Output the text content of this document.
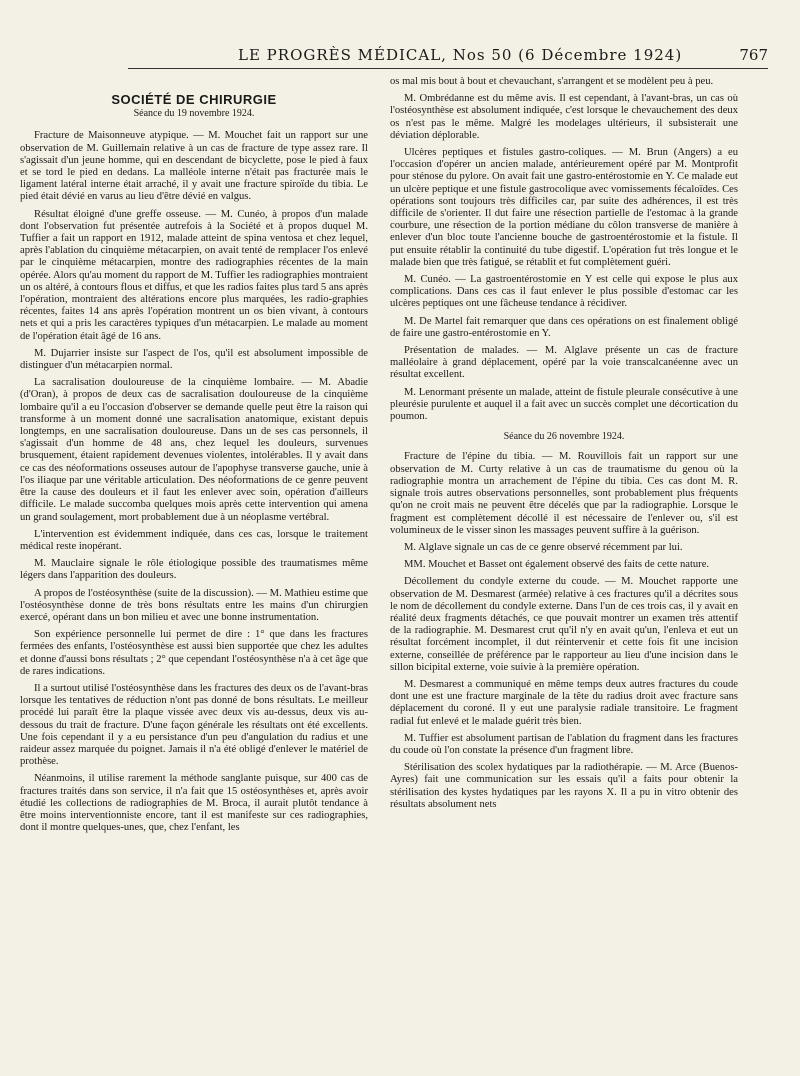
LE PROGRÈS MÉDICAL, Nos 50 (6 Décembre 1924)	767
SOCIÉTÉ DE CHIRURGIE
Séance du 19 novembre 1924.

Fracture de Maisonneuve atypique. — M. Mouchet fait un rapport sur une observation de M. Guillemain relative à un cas de fracture de type assez rare. Il s'agissait d'un jeune homme, qui en descendant de bicyclette, pose le pied à faux et se tord le pied en dedans. La malléole interne n'était pas fracturée mais le ligament latéral interne était arraché, il y avait une fracture spiroïde du tibia. Le pied était dévié en varus au lieu d'être dévié en valgus.

Résultat éloigné d'une greffe osseuse. — M. Cunéo, à propos d'un malade dont l'observation fut présentée autrefois à la Société et à propos duquel M. Tuffier a fait un rapport en 1912, malade atteint de spina ventosa et chez lequel, après l'ablation du cinquième métacarpien, on avait tenté de remplacer l'os enlevé par le cinquième métacarpien, montre des radiographies récentes de la main opérée. Alors qu'au moment du rapport de M. Tuffier les radiographies montraient un os altéré, à contours flous et diffus, et que les radios faites plus tard 5 ans après l'opération, montraient des altérations encore plus marquées, les radio-graphies récentes, faites 14 ans après l'opération montrent un os bien vivant, à contours nets et qui a pris les caractères typiques d'un métacarpien. Le malade au moment de l'opération était âgé de 16 ans.

M. Dujarrier insiste sur l'aspect de l'os, qu'il est absolument impossible de distinguer d'un métacarpien normal.

La sacralisation douloureuse de la cinquième lombaire. — M. Abadie (d'Oran), à propos de deux cas de sacralisation douloureuse de la cinquième lombaire qu'il a eu l'occasion d'observer se demande quelle peut être la raison qui transforme à un moment donné une sacralisation anatomique, existant depuis longtemps, en une sacralisation douloureuse. Dans un de ses cas personnels, il s'agissait d'un homme de 48 ans, chez lequel les douleurs, survenues brusquement, étaient rapidement devenues violentes, intolérables. Il y avait dans ce cas des néoformations osseuses autour de l'apophyse transverse gauche, unie à l'os iliaque par une véritable articulation. Des néoformations de ce genre peuvent être la cause des douleurs et il faut les enlever avec soin, opération d'ailleurs difficile. Le malade succomba quelques mois après cette intervention qui amena un grand soulagement, mort probablement due à un néoplasme vertébral.

L'intervention est évidemment indiquée, dans ces cas, lorsque le traitement médical reste inopérant.

M. Mauclaire signale le rôle étiologique possible des traumatismes même légers dans l'apparition des douleurs.

A propos de l'ostéosynthèse (suite de la discussion). — M. Mathieu estime que l'ostéosynthèse donne de très bons résultats entre les mains d'un chirurgien exercé, opérant dans un bon milieu et avec une bonne instrumentation.

Son expérience personnelle lui permet de dire : 1° que dans les fractures fermées des enfants, l'ostéosynthèse est aussi bien supportée que chez les adultes et donne d'aussi bons résultats ; 2° que cependant l'ostéosynthèse n'a à cet âge que de rares indications.

Il a surtout utilisé l'ostéosynthèse dans les fractures des deux os de l'avant-bras lorsque les tentatives de réduction n'ont pas donné de bons résultats. Le meilleur procédé lui paraît être la plaque vissée avec deux vis au-dessus, deux vis au-dessous du trait de fracture. D'une façon générale les résultats ont été excellents. Une fois cependant il y a eu persistance d'un peu d'angulation du radius et une raideur assez marquée du poignet. Jamais il n'a été obligé d'enlever le matériel de prothèse.

Néanmoins, il utilise rarement la méthode sanglante puisque, sur 400 cas de fractures traités dans son service, il n'a fait que 15 ostéosynthèses et, après avoir étudié les collections de radiographies de M. Broca, il aurait plutôt tendance à être moins interventionniste encore, tant il est manifeste sur ces radiographies, dont il montre quelques-unes, que, chez l'enfant, les

os mal mis bout à bout et chevauchant, s'arrangent et se modèlent peu à peu.

M. Ombrédanne est du même avis. Il est cependant, à l'avant-bras, un cas où l'ostéosynthèse est absolument indiquée, c'est lorsque le chevauchement des deux os n'est pas le même. Malgré les modelages ultérieurs, il subsisterait une déviation déplorable.

Ulcères peptiques et fistules gastro-coliques. — M. Brun (Angers) a eu l'occasion d'opérer un ancien malade, antérieurement opéré par M. Montprofit pour sténose du pylore. On avait fait une gastro-entérostomie en Y. Ce malade eut un ulcère peptique et une fistule gastrocolique avec vomissements fécaloïdes. Ces opérations sont toujours très difficiles car, par suite des adhérences, il est très difficile de s'orienter. Il dut faire une résection partielle de l'estomac à la grande courbure, une résection de la portion médiane du côlon transverse de manière à enlever d'un bloc toute l'ancienne bouche de gastroentérostomie et la fistule. Il put ensuite rétablir la continuité du tube digestif. L'opération fut très longue et le malade bien que très fatigué, se rétablit et fut complètement guéri.

M. Cunéo. — La gastroentérostomie en Y est celle qui expose le plus aux complications. Dans ces cas il faut enlever le plus possible d'estomac car les ulcères peptiques ont une fâcheuse tendance à récidiver.

M. De Martel fait remarquer que dans ces opérations on est finalement obligé de faire une gastro-entérostomie en Y.

Présentation de malades. — M. Alglave présente un cas de fracture malléolaire à grand déplacement, opéré par la voie transcalcanéenne avec un résultat excellent.

M. Lenormant présente un malade, atteint de fistule pleurale consécutive à une pleurésie purulente et auquel il a fait avec un succès complet une décortication du poumon.

Séance du 26 novembre 1924.

Fracture de l'épine du tibia. — M. Rouvillois fait un rapport sur une observation de M. Curty relative à un cas de traumatisme du genou où la radiographie montra un arrachement de l'épine du tibia. Ces cas dont M. R. signale trois autres observations personnelles, sont probablement plus fréquents qu'on ne croit mais ne peuvent être décelés que par la radiographie. Lorsque le fragment est complètement décollé il est nécessaire de l'enlever ou, s'il est volumineux de le visser sinon les massages peuvent suffire à la guérison.

M. Alglave signale un cas de ce genre observé récemment par lui.

MM. Mouchet et Basset ont également observé des faits de cette nature.

Décollement du condyle externe du coude. — M. Mouchet rapporte une observation de M. Desmarest (armée) relative à ces fractures qu'il a décrites sous le nom de décollement du condyle externe. Dans l'un de ces trois cas, il y avait en réalité deux fragments détachés, ce que pouvait montrer un examen très attentif de la radiographie. M. Desmarest crut qu'il n'y en avait qu'un, l'enleva et eut un résultat forcément incomplet, il dut réintervenir et cette fois fit une incision externe, conseillée de préférence par le rapporteur au lieu d'une incision dans le sillon bicipital externe, voie suivie à la première opération.

M. Desmarest a communiqué en même temps deux autres fractures du coude dont une est une fracture marginale de la tête du radius droit avec fracture sans déplacement du coroné. Il y eut une paralysie radiale transitoire. Le fragment radial fut enlevé et le malade guérit très bien.

M. Tuffier est absolument partisan de l'ablation du fragment dans les fractures du coude où l'on constate la présence d'un fragment libre.

Stérilisation des scolex hydatiques par la radiothérapie. — M. Arce (Buenos-Ayres) fait une communication sur les essais qu'il a faits pour obtenir la stérilisation des kystes hydatiques par les rayons X. Il a pu in vitro obtenir des résultats absolument nets
